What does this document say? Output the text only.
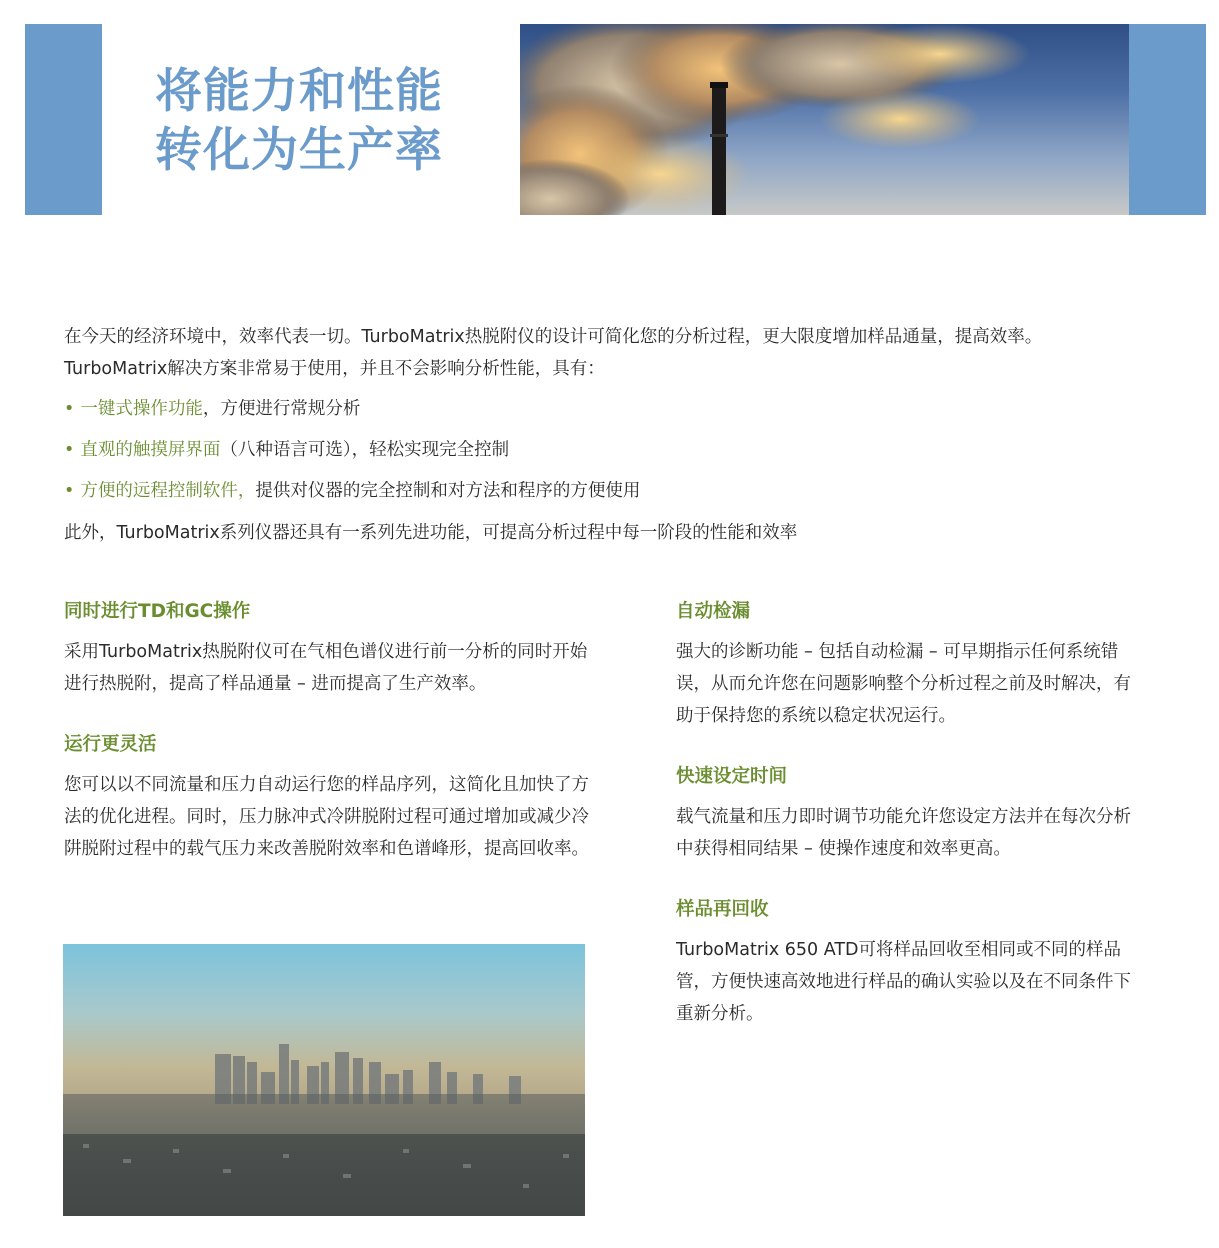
将能力和性能
转化为生产率

在今天的经济环境中，效率代表一切。TurboMatrix热脱附仪的设计可简化您的分析过程，更大限度增加样品通量，提高效率。TurboMatrix解决方案非常易于使用，并且不会影响分析性能，具有：

• 一键式操作功能，方便进行常规分析
• 直观的触摸屏界面（八种语言可选），轻松实现完全控制
• 方便的远程控制软件，提供对仪器的完全控制和对方法和程序的方便使用

此外，TurboMatrix系列仪器还具有一系列先进功能，可提高分析过程中每一阶段的性能和效率

同时进行TD和GC操作

采用TurboMatrix热脱附仪可在气相色谱仪进行前一分析的同时开始进行热脱附，提高了样品通量 – 进而提高了生产效率。

运行更灵活

您可以以不同流量和压力自动运行您的样品序列，这简化且加快了方法的优化进程。同时，压力脉冲式冷阱脱附过程可通过增加或减少冷阱脱附过程中的载气压力来改善脱附效率和色谱峰形，提高回收率。

自动检漏

强大的诊断功能 – 包括自动检漏 – 可早期指示任何系统错误，从而允许您在问题影响整个分析过程之前及时解决，有助于保持您的系统以稳定状况运行。

快速设定时间

载气流量和压力即时调节功能允许您设定方法并在每次分析中获得相同结果 – 使操作速度和效率更高。

样品再回收

TurboMatrix 650 ATD可将样品回收至相同或不同的样品管，方便快速高效地进行样品的确认实验以及在不同条件下重新分析。
